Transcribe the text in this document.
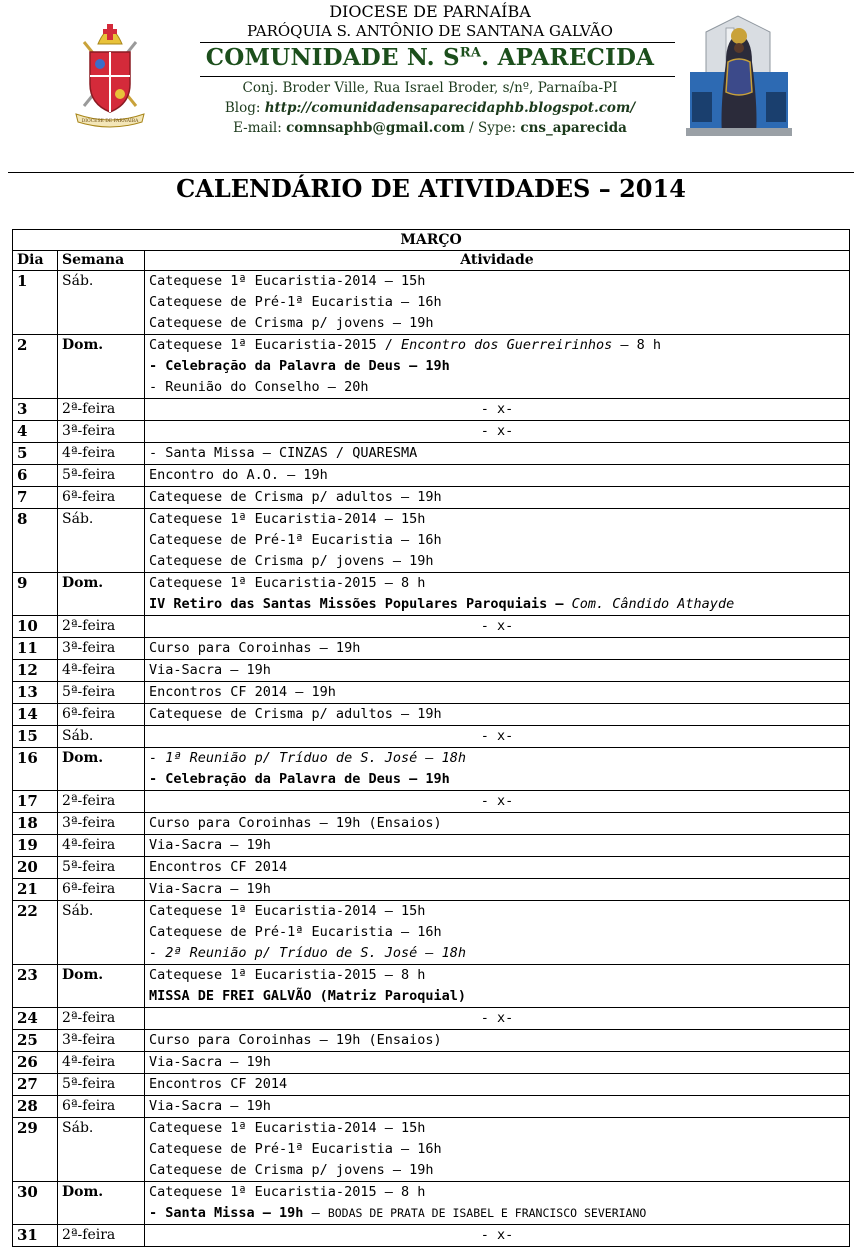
DIOCESE DE PARNAÍBA
DIOCESE DE PARNAÍBA
PARÓQUIA S. ANTÔNIO DE SANTANA GALVÃO
COMUNIDADE N. $S^{RA}$. APARECIDA
Conj. Broder Ville, Rua Israel Broder, s/nº, Parnaíba-PI
Blog: http://comunidadensaparecidaphb.blogspot.com/
E-mail: comnsaphb@gmail.com / Sype: cns_aparecida
CALENDÁRIO DE ATIVIDADES – 2014
MARÇO		
Dia	Semana	Atividade
1	Sáb.	Catequese 1ª Eucaristia-2014 – 15h
Catequese de Pré-1ª Eucaristia – 16h
Catequese de Crisma p/ jovens – 19h

2	Dom.	Catequese 1ª Eucaristia-2015 / Encontro dos Guerreirinhos – 8 h
- Celebração da Palavra de Deus – 19h
- Reunião do Conselho – 20h

3	2ª-feira	- x-

4	3ª-feira	- x-

5	4ª-feira	- Santa Missa – CINZAS / QUARESMA

6	5ª-feira	Encontro do A.O. – 19h

7	6ª-feira	Catequese de Crisma p/ adultos – 19h

8	Sáb.	Catequese 1ª Eucaristia-2014 – 15h
Catequese de Pré-1ª Eucaristia – 16h
Catequese de Crisma p/ jovens – 19h

9	Dom.	Catequese 1ª Eucaristia-2015 – 8 h
IV Retiro das Santas Missões Populares Paroquiais – Com. Cândido Athayde

10	2ª-feira	- x-

11	3ª-feira	Curso para Coroinhas – 19h

12	4ª-feira	Via-Sacra – 19h

13	5ª-feira	Encontros CF 2014 – 19h

14	6ª-feira	Catequese de Crisma p/ adultos – 19h

15	Sáb.	- x-

16	Dom.	- 1ª Reunião p/ Tríduo de S. José – 18h
- Celebração da Palavra de Deus – 19h

17	2ª-feira	- x-

18	3ª-feira	Curso para Coroinhas – 19h (Ensaios)

19	4ª-feira	Via-Sacra – 19h

20	5ª-feira	Encontros CF 2014

21	6ª-feira	Via-Sacra – 19h

22	Sáb.	Catequese 1ª Eucaristia-2014 – 15h
Catequese de Pré-1ª Eucaristia – 16h
- 2ª Reunião p/ Tríduo de S. José – 18h

23	Dom.	Catequese 1ª Eucaristia-2015 – 8 h
MISSA DE FREI GALVÃO (Matriz Paroquial)

24	2ª-feira	- x-

25	3ª-feira	Curso para Coroinhas – 19h (Ensaios)

26	4ª-feira	Via-Sacra – 19h

27	5ª-feira	Encontros CF 2014

28	6ª-feira	Via-Sacra – 19h

29	Sáb.	Catequese 1ª Eucaristia-2014 – 15h
Catequese de Pré-1ª Eucaristia – 16h
Catequese de Crisma p/ jovens – 19h

30	Dom.	Catequese 1ª Eucaristia-2015 – 8 h
- Santa Missa – 19h – BODAS DE PRATA DE ISABEL E FRANCISCO SEVERIANO

31	2ª-feira	- x-
